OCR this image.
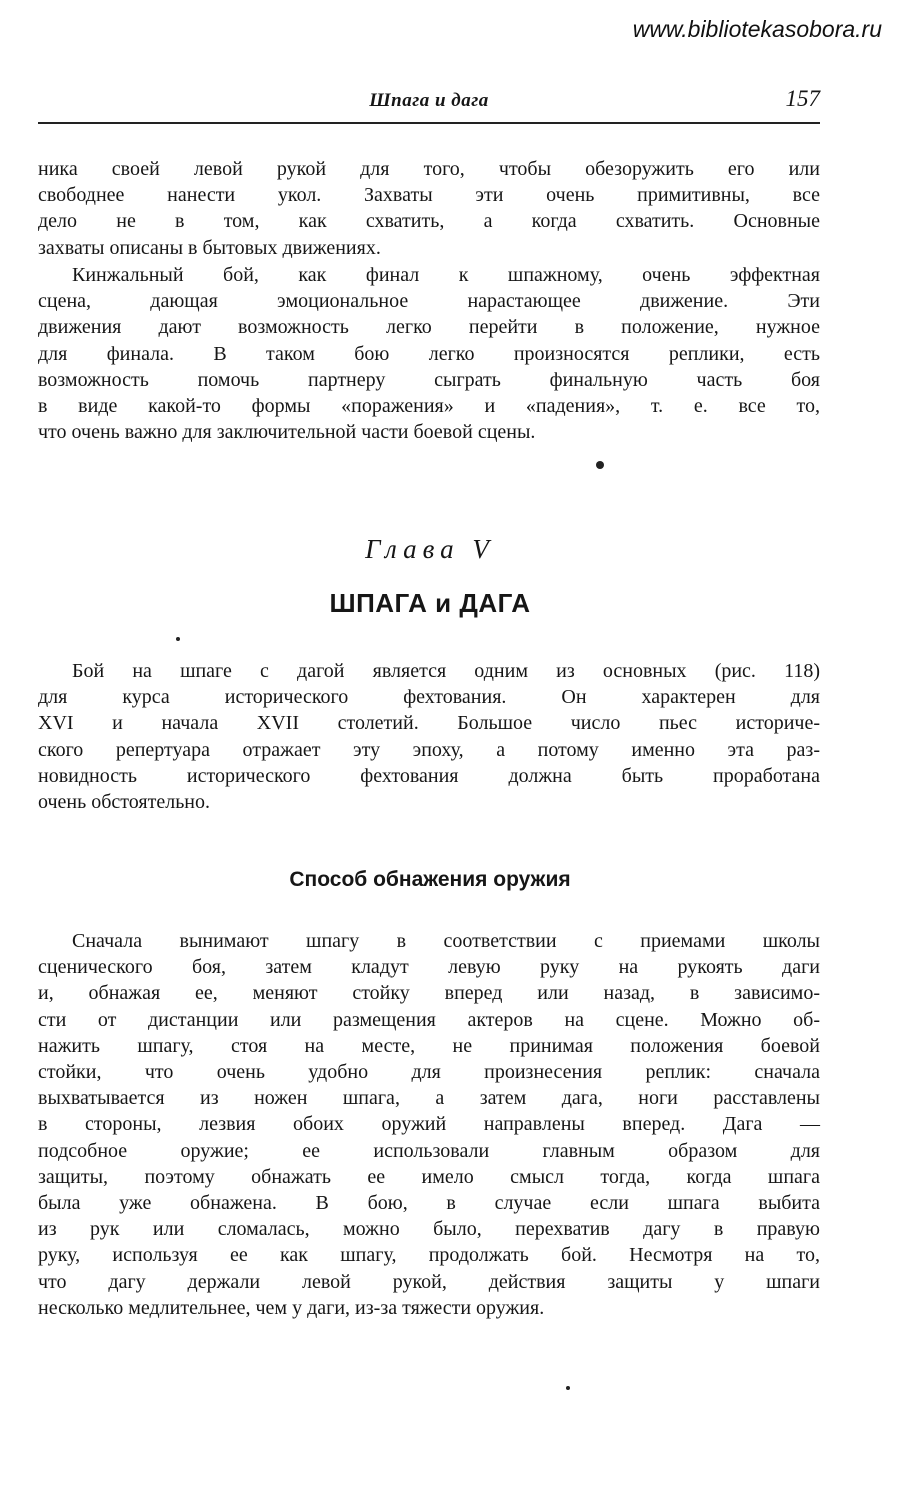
www.bibliotekasobora.ru
Шпага и дага	157
ника своей левой рукой для того, чтобы обезоружить его или
свободнее нанести укол. Захваты эти очень примитивны, все
дело не в том, как схватить, а когда схватить. Основные
захваты описаны в бытовых движениях.
Кинжальный бой, как финал к шпажному, очень эффектная
сцена, дающая эмоциональное нарастающее движение. Эти
движения дают возможность легко перейти в положение, нужное
для финала. В таком бою легко произносятся реплики, есть
возможность помочь партнеру сыграть финальную часть боя
в виде какой-то формы «поражения» и «падения», т. е. все то,
что очень важно для заключительной части боевой сцены.
Глава V
ШПАГА и ДАГА
Бой на шпаге с дагой является одним из основных (рис. 118)
для курса исторического фехтования. Он характерен для
XVI и начала XVII столетий. Большое число пьес историче-
ского репертуара отражает эту эпоху, а потому именно эта раз-
новидность исторического фехтования должна быть проработана
очень обстоятельно.
Способ обнажения оружия
Сначала вынимают шпагу в соответствии с приемами школы
сценического боя, затем кладут левую руку на рукоять даги
и, обнажая ее, меняют стойку вперед или назад, в зависимо-
сти от дистанции или размещения актеров на сцене. Можно об-
нажить шпагу, стоя на месте, не принимая положения боевой
стойки, что очень удобно для произнесения реплик: сначала
выхватывается из ножен шпага, а затем дага, ноги расставлены
в стороны, лезвия обоих оружий направлены вперед. Дага —
подсобное оружие; ее использовали главным образом для
защиты, поэтому обнажать ее имело смысл тогда, когда шпага
была уже обнажена. В бою, в случае если шпага выбита
из рук или сломалась, можно было, перехватив дагу в правую
руку, используя ее как шпагу, продолжать бой. Несмотря на то,
что дагу держали левой рукой, действия защиты у шпаги
несколько медлительнее, чем у даги, из-за тяжести оружия.
